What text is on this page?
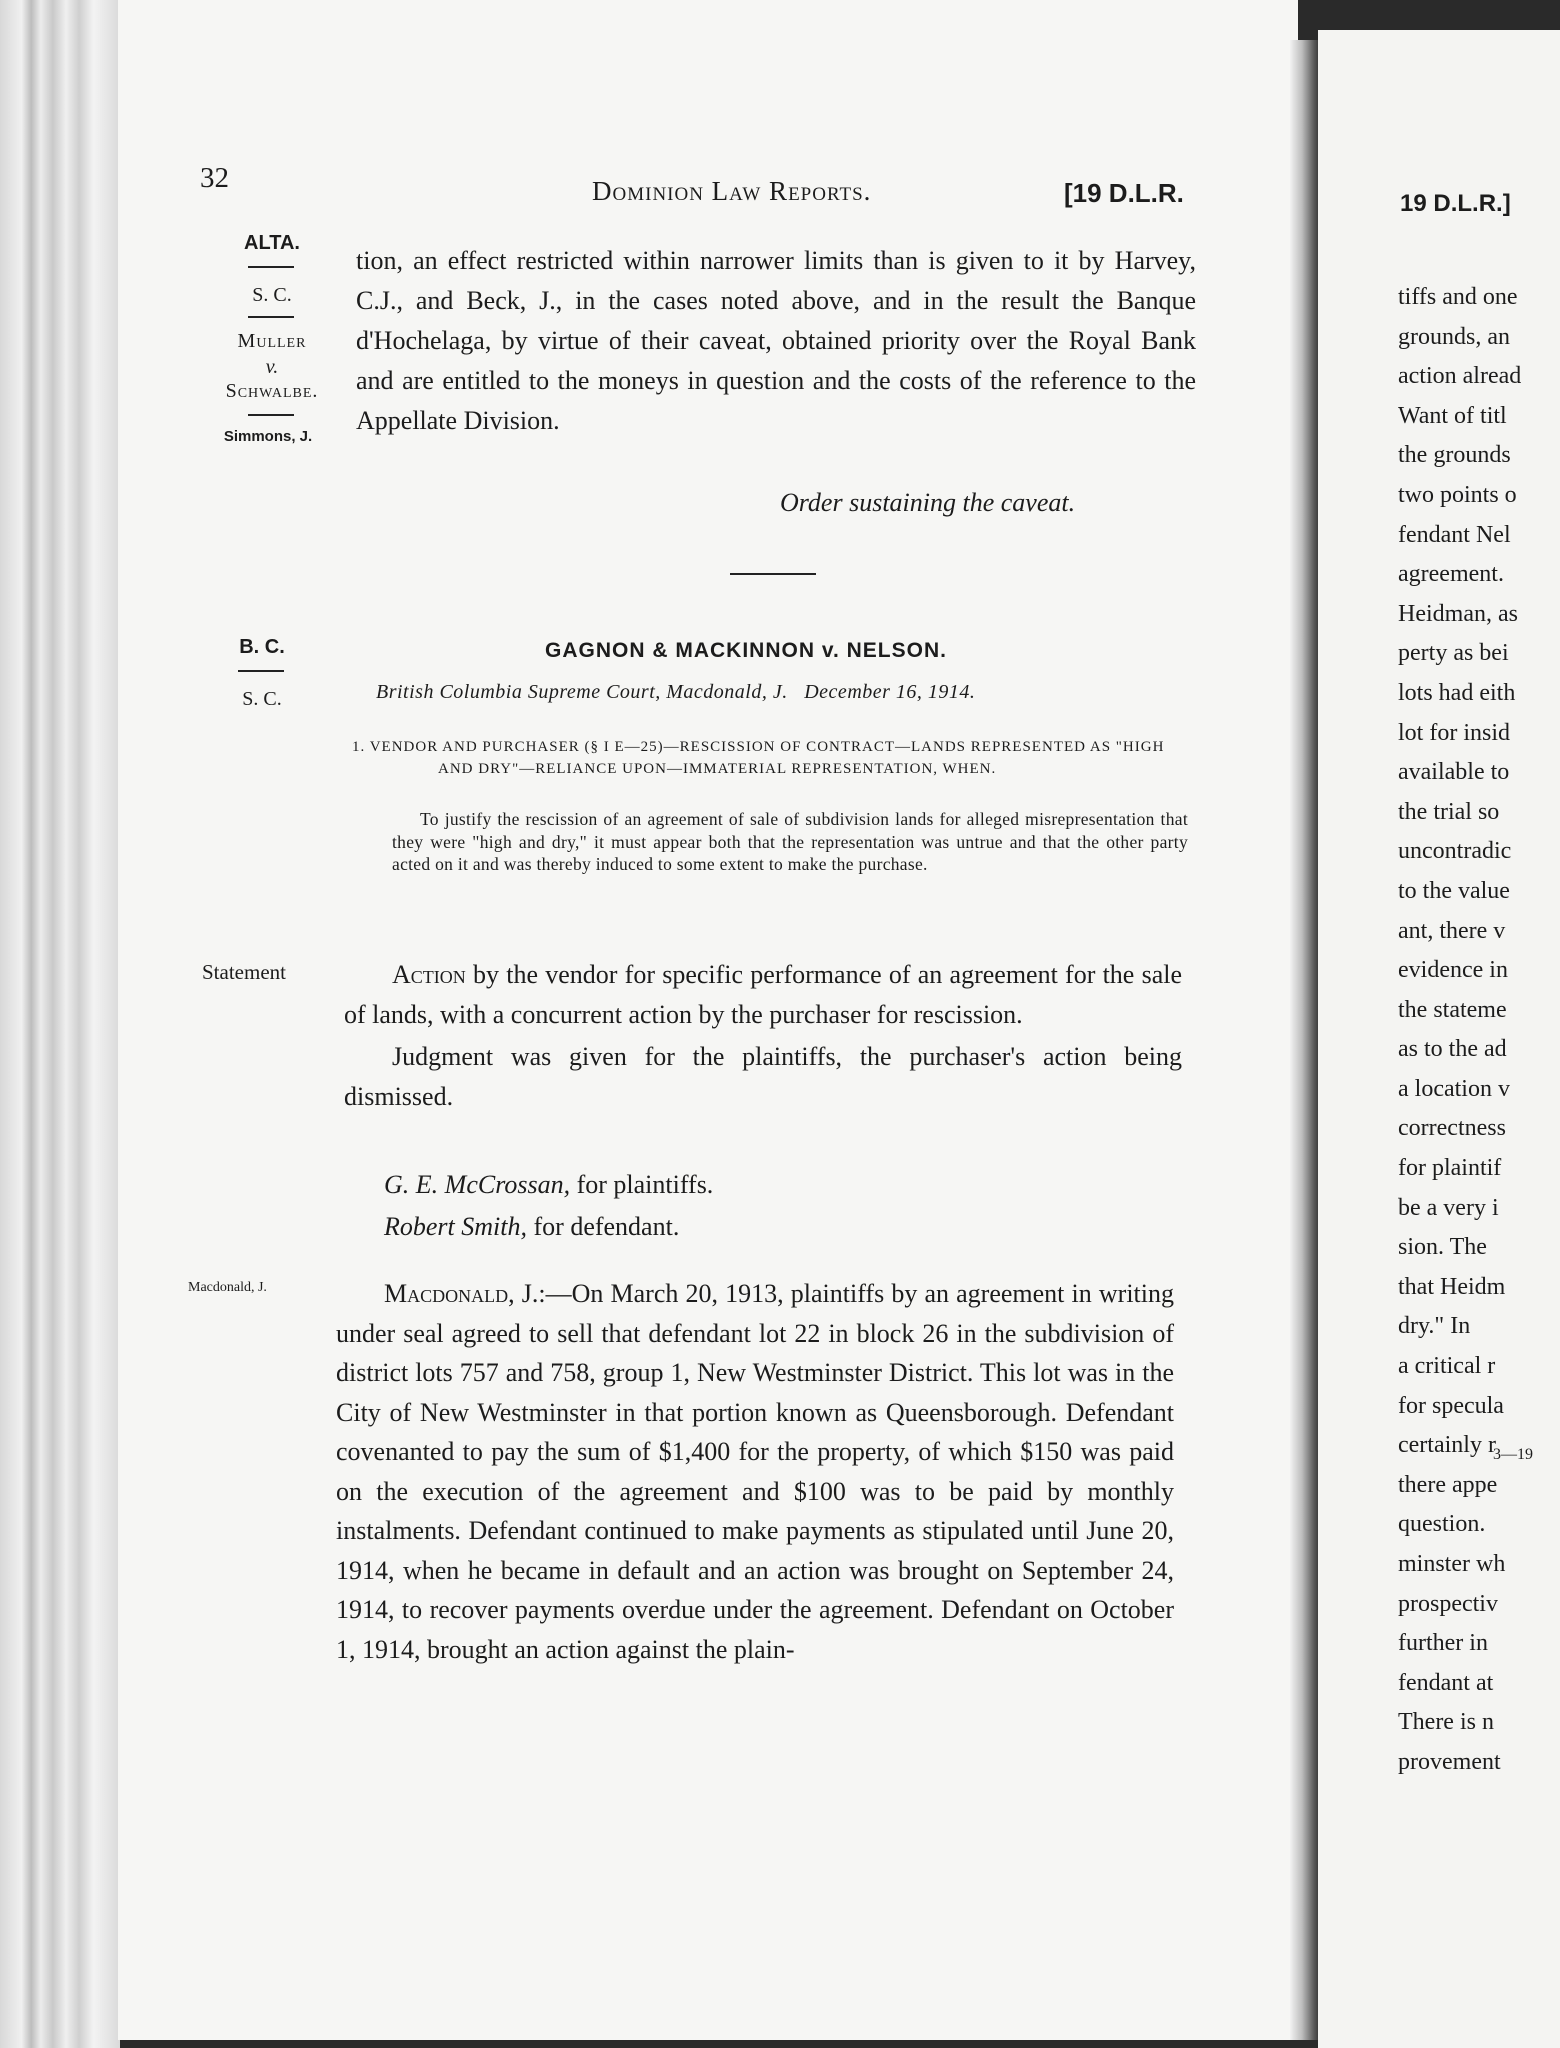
32	Dominion Law Reports.	[19 D.L.R.
ALTA.
S. C.
Muller
v.
Schwalbe.
Simmons, J.

tion, an effect restricted within narrower limits than is given to it by Harvey, C.J., and Beck, J., in the cases noted above, and in the result the Banque d'Hochelaga, by virtue of their caveat, obtained priority over the Royal Bank and are entitled to the moneys in question and the costs of the reference to the Appellate Division.

Order sustaining the caveat.
B. C.
S. C.
GAGNON & MACKINNON v. NELSON.
British Columbia Supreme Court, Macdonald, J.   December 16, 1914.
1. VENDOR AND PURCHASER (§ I E—25)—RESCISSION OF CONTRACT—LANDS REPRESENTED AS "HIGH AND DRY"—RELIANCE UPON—IMMATERIAL REPRESENTATION, WHEN.

To justify the rescission of an agreement of sale of subdivision lands for alleged misrepresentation that they were "high and dry," it must appear both that the representation was untrue and that the other party acted on it and was thereby induced to some extent to make the purchase.

Statement	Action by the vendor for specific performance of an agreement for the sale of lands, with a concurrent action by the purchaser for rescission.

Judgment was given for the plaintiffs, the purchaser's action being dismissed.

G. E. McCrossan, for plaintiffs.
Robert Smith, for defendant.
Macdonald, J.	Macdonald, J.:—On March 20, 1913, plaintiffs by an agreement in writing under seal agreed to sell that defendant lot 22 in block 26 in the subdivision of district lots 757 and 758, group 1, New Westminster District. This lot was in the City of New Westminster in that portion known as Queensborough. Defendant covenanted to pay the sum of $1,400 for the property, of which $150 was paid on the execution of the agreement and $100 was to be paid by monthly instalments. Defendant continued to make payments as stipulated until June 20, 1914, when he became in default and an action was brought on September 24, 1914, to recover payments overdue under the agreement. Defendant on October 1, 1914, brought an action against the plain-

19 D.L.R.]
tiffs and one
grounds, an
action alread
Want of titl
the grounds
two points o
fendant Nel
agreement.
Heidman, as
perty as bei
lots had eith
lot for insid
available to
the trial so
uncontradic
to the value
ant, there v
evidence in
the stateme
as to the ad
a location v
correctness
for plaintif
be a very i
sion. The
that Heidm
dry." In
a critical r
for specula
certainly r
there appe
question.
minster wh
prospectiv
further in
fendant at
There is n
provement
3—19
